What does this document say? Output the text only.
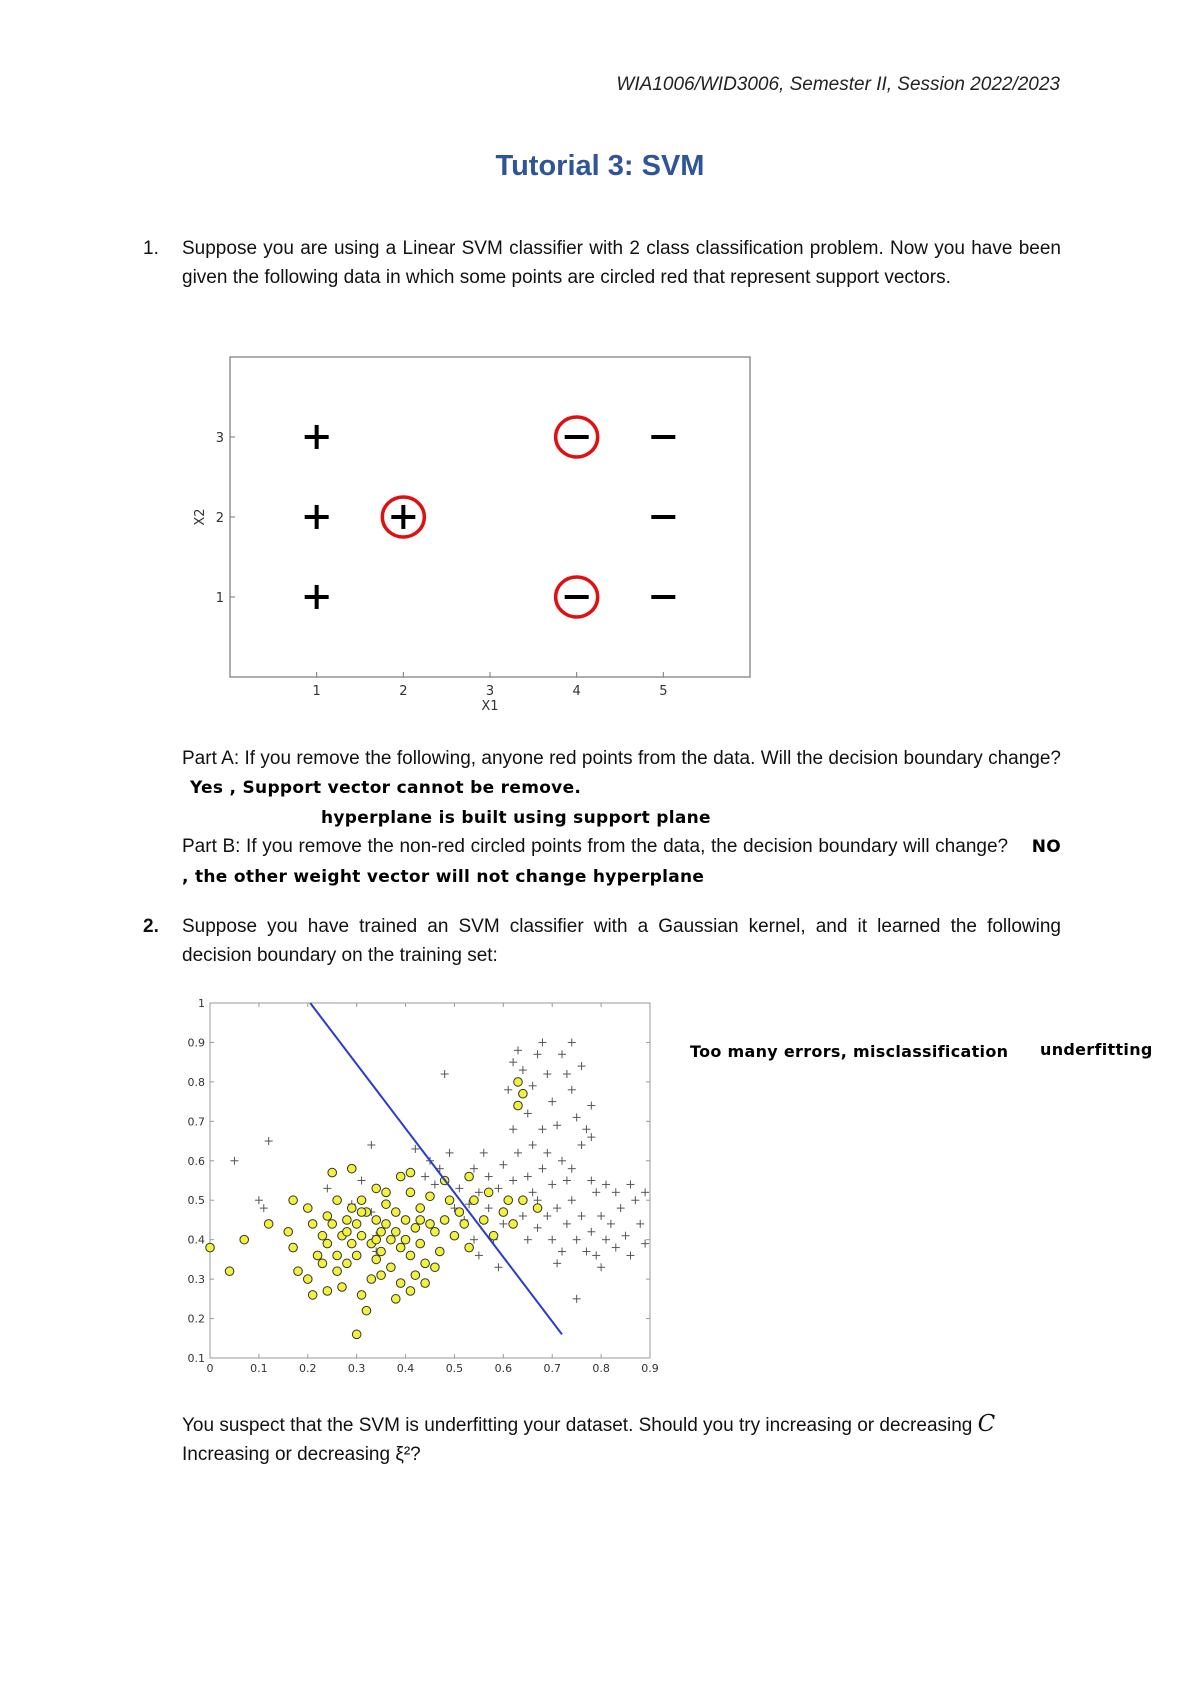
WIA1006/WID3006, Semester II, Session 2022/2023
Tutorial 3: SVM
1. Suppose you are using a Linear SVM classifier with 2 class classification problem. Now you have been given the following data in which some points are circled red that represent support vectors.
1	2	3	4	5
1
2
3
X1
X2
Part A: If you remove the following, anyone red points from the data. Will the decision boundary change? Yes , Support vector cannot be remove.
hyperplane is built using support plane
Part B: If you remove the non-red circled points from the data, the decision boundary will change? NO , the other weight vector will not change hyperplane
2. Suppose you have trained an SVM classifier with a Gaussian kernel, and it learned the following decision boundary on the training set:
0	0.1	0.2	0.3	0.4	0.5	0.6	0.7	0.8	0.9
0.1
0.2
0.3
0.4
0.5
0.6
0.7
0.8
0.9
1
Too many errors, misclassification underfitting
You suspect that the SVM is underfitting your dataset. Should you try increasing or decreasing C
Increasing or decreasing ξ²?
